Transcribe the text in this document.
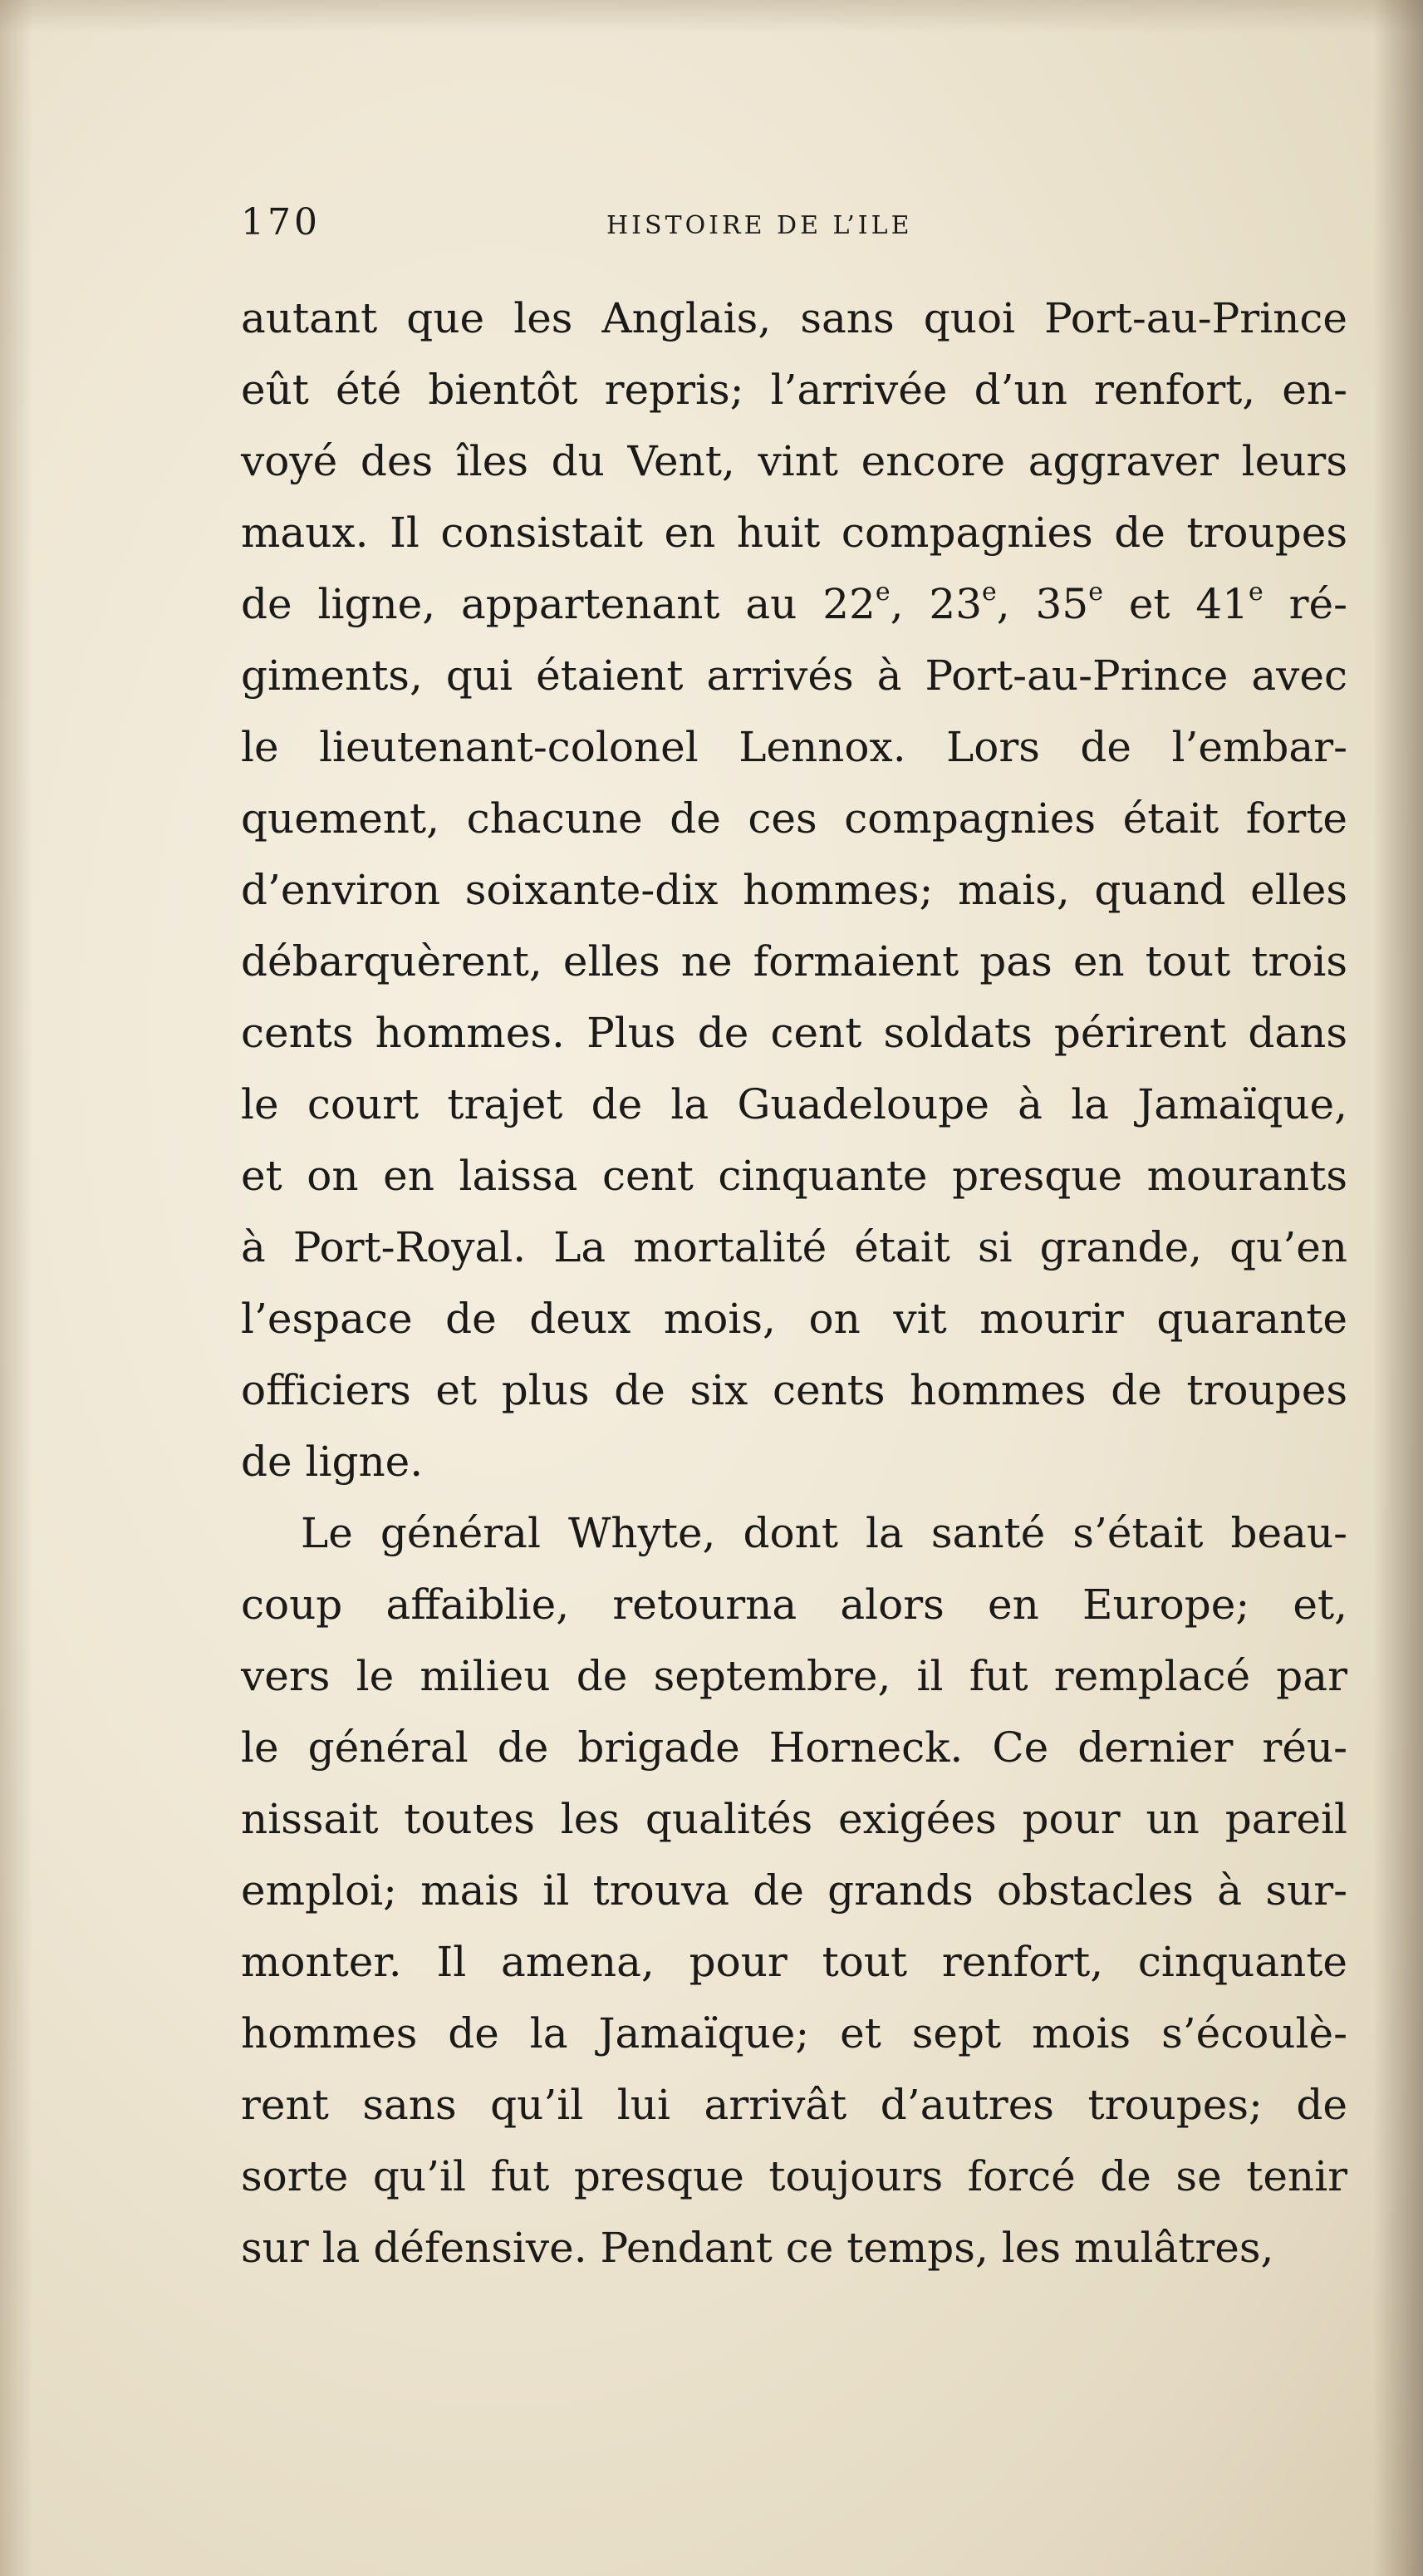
170	HISTOIRE DE L’ILE
autant que les Anglais, sans quoi Port-au-Prince
eût été bientôt repris; l’arrivée d’un renfort, en-
voyé des îles du Vent, vint encore aggraver leurs
maux. Il consistait en huit compagnies de troupes
de ligne, appartenant au 22e, 23e, 35e et 41e ré-
giments, qui étaient arrivés à Port-au-Prince avec
le lieutenant-colonel Lennox. Lors de l’embar-
quement, chacune de ces compagnies était forte
d’environ soixante-dix hommes; mais, quand elles
débarquèrent, elles ne formaient pas en tout trois
cents hommes. Plus de cent soldats périrent dans
le court trajet de la Guadeloupe à la Jamaïque,
et on en laissa cent cinquante presque mourants
à Port-Royal. La mortalité était si grande, qu’en
l’espace de deux mois, on vit mourir quarante
officiers et plus de six cents hommes de troupes
de ligne.
Le général Whyte, dont la santé s’était beau-
coup affaiblie, retourna alors en Europe; et,
vers le milieu de septembre, il fut remplacé par
le général de brigade Horneck. Ce dernier réu-
nissait toutes les qualités exigées pour un pareil
emploi; mais il trouva de grands obstacles à sur-
monter. Il amena, pour tout renfort, cinquante
hommes de la Jamaïque; et sept mois s’écoulè-
rent sans qu’il lui arrivât d’autres troupes; de
sorte qu’il fut presque toujours forcé de se tenir
sur la défensive. Pendant ce temps, les mulâtres,
